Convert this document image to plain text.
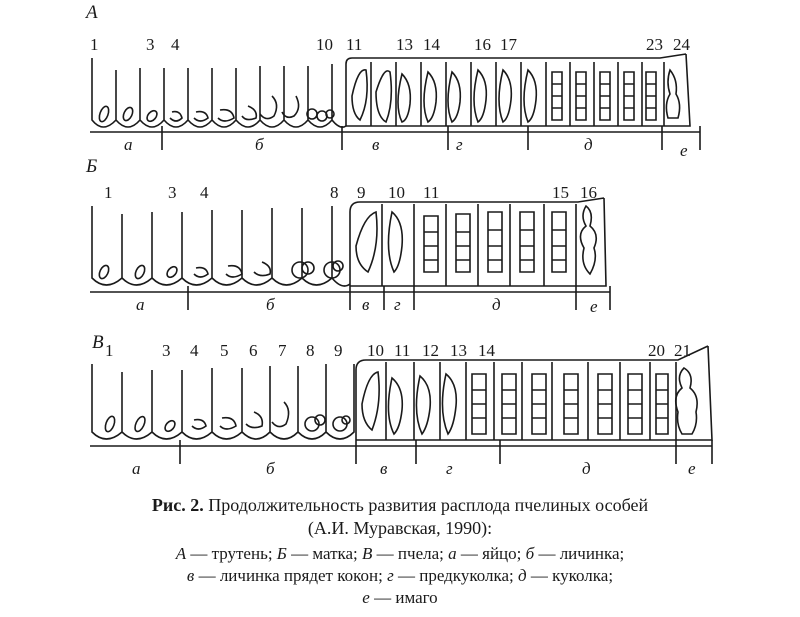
А
1	3 4	10 11 13 14 16 17	23 24
а	б	в	г	д	е
Б
1	3 4	8 9 10 11	15 16
а	б	в г	д	е
В 1	3 4 5 6 7 8 9 10 11 12 13 14	20 21
а	б	в	г	д	е
Рис. 2. Продолжительность развития расплода пчелиных особей
(А.И. Муравская, 1990):
А — трутень; Б — матка; В — пчела; а — яйцо; б — личинка;
в — личинка прядет кокон; г — предкуколка; д — куколка;
е — имаго
